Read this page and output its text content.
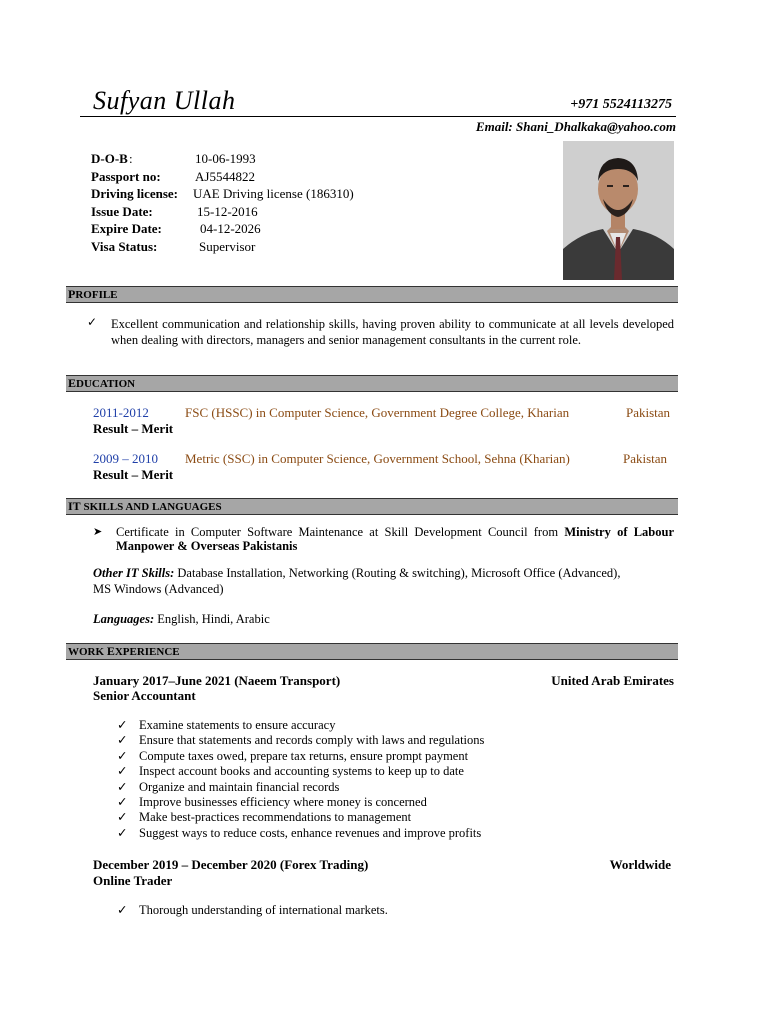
Sufyan Ullah	+971 5524113275
Email: Shani_Dhalkaka@yahoo.com
D-O-B :	10-06-1993
Passport no:	AJ5544822
Driving license:	UAE Driving license (186310)
Issue Date:	15-12-2016
Expire Date:	04-12-2026
Visa Status:	Supervisor
PROFILE
✓ Excellent communication and relationship skills, having proven ability to communicate at all levels developed when dealing with directors, managers and senior management consultants in the current role.
EDUCATION
2011-2012	FSC (HSSC) in Computer Science, Government Degree College, Kharian	Pakistan
Result – Merit
2009 – 2010 Metric (SSC) in Computer Science, Government School, Sehna (Kharian)	Pakistan
Result – Merit
IT SKILLS AND LANGUAGES
➤ Certificate in Computer Software Maintenance at Skill Development Council from Ministry of Labour Manpower & Overseas Pakistanis
Other IT Skills: Database Installation, Networking (Routing & switching), Microsoft Office (Advanced), MS Windows (Advanced)
Languages: English, Hindi, Arabic
WORK EXPERIENCE
January 2017–June 2021 (Naeem Transport)	United Arab Emirates
Senior Accountant
✓ Examine statements to ensure accuracy
✓ Ensure that statements and records comply with laws and regulations
✓ Compute taxes owed, prepare tax returns, ensure prompt payment
✓ Inspect account books and accounting systems to keep up to date
✓ Organize and maintain financial records
✓ Improve businesses efficiency where money is concerned
✓ Make best-practices recommendations to management
✓ Suggest ways to reduce costs, enhance revenues and improve profits
December 2019 – December 2020 (Forex Trading)	Worldwide
Online Trader
✓ Thorough understanding of international markets.
